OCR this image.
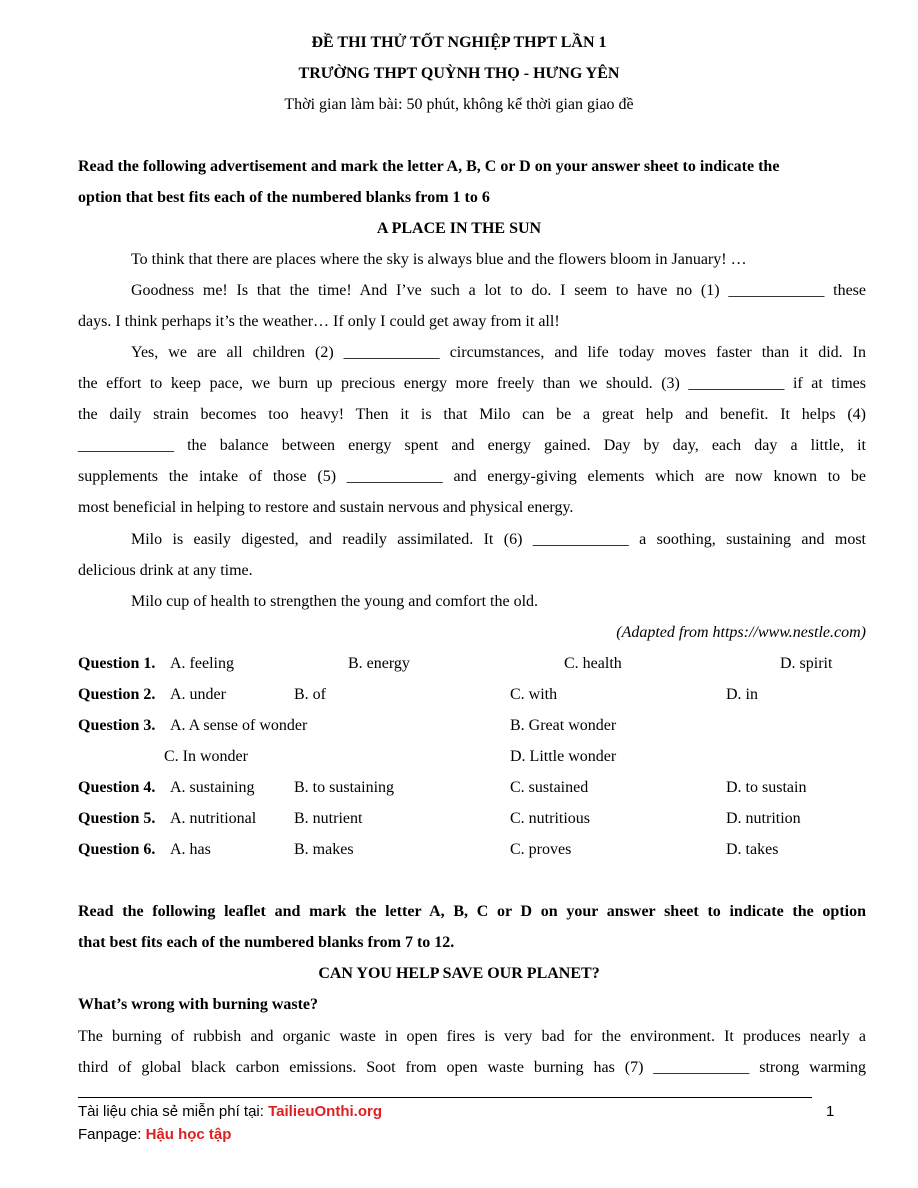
ĐỀ THI THỬ TỐT NGHIỆP THPT LẦN 1
TRƯỜNG THPT QUỲNH THỌ - HƯNG YÊN
Thời gian làm bài: 50 phút, không kể thời gian giao đề
Read the following advertisement and mark the letter A, B, C or D on your answer sheet to indicate the
option that best fits each of the numbered blanks from 1 to 6
A PLACE IN THE SUN
To think that there are places where the sky is always blue and the flowers bloom in January! …
Goodness me! Is that the time! And I’ve such a lot to do. I seem to have no (1) ____________ these
days. I think perhaps it’s the weather… If only I could get away from it all!
Yes, we are all children (2) ____________ circumstances, and life today moves faster than it did. In
the effort to keep pace, we burn up precious energy more freely than we should. (3) ____________ if at times
the daily strain becomes too heavy! Then it is that Milo can be a great help and benefit. It helps (4)
____________ the balance between energy spent and energy gained. Day by day, each day a little, it
supplements the intake of those (5) ____________ and energy-giving elements which are now known to be
most beneficial in helping to restore and sustain nervous and physical energy.
Milo is easily digested, and readily assimilated. It (6) ____________ a soothing, sustaining and most
delicious drink at any time.
Milo cup of health to strengthen the young and comfort the old.
(Adapted from https://www.nestle.com)
Question 1. A. feeling	B. energy	C. health	D. spirit
Question 2. A. under	B. of	C. with	D. in
Question 3. A. A sense of wonder	B. Great wonder
C. In wonder	D. Little wonder
Question 4. A. sustaining B. to sustaining	C. sustained	D. to sustain
Question 5. A. nutritional B. nutrient	C. nutritious	D. nutrition
Question 6. A. has	B. makes	C. proves	D. takes
Read the following leaflet and mark the letter A, B, C or D on your answer sheet to indicate the option
that best fits each of the numbered blanks from 7 to 12.
CAN YOU HELP SAVE OUR PLANET?
What’s wrong with burning waste?
The burning of rubbish and organic waste in open fires is very bad for the environment. It produces nearly a
third of global black carbon emissions. Soot from open waste burning has (7) ____________ strong warming
Tài liệu chia sẻ miễn phí tại: TailieuOnthi.org
Fanpage: Hậu học tập
1
